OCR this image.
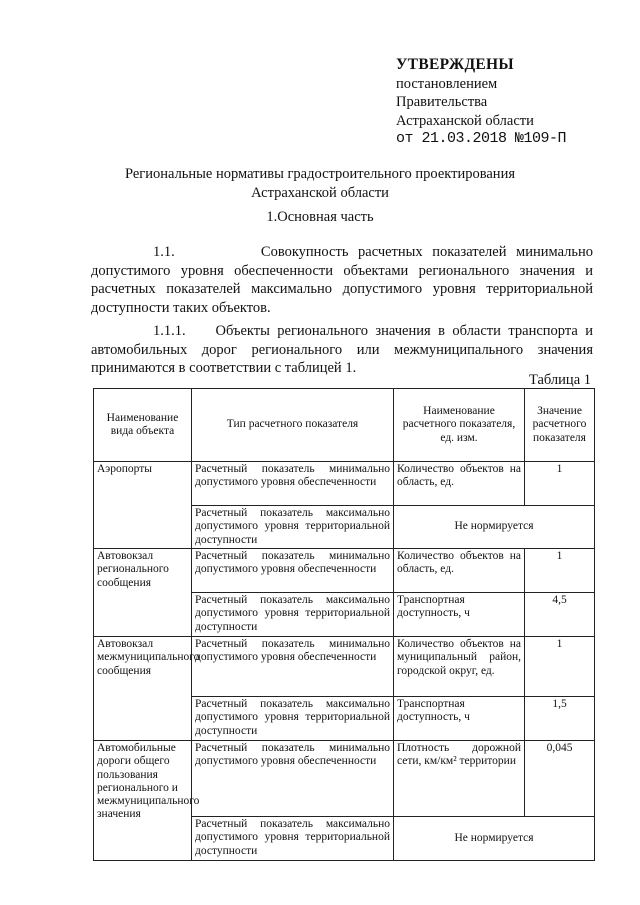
УТВЕРЖДЕНЫ
постановлением
Правительства
Астраханской области
от 21.03.2018 №109-П
Региональные нормативы градостроительного проектирования
Астраханской области
1.Основная часть
1.1.	Совокупность расчетных показателей минимально допустимого уровня обеспеченности объектами регионального значения и расчетных показателей максимально допустимого уровня территориальной доступности таких объектов.
1.1.1. Объекты регионального значения в области транспорта и автомобильных дорог регионального или межмуниципального значения принимаются в соответствии с таблицей 1.
Таблица 1
Наименование вида объекта	Тип расчетного показателя	Наименование расчетного показателя, ед. изм.	Значение расчетного показателя
Аэропорты	Расчетный показатель минимально допустимого уровня обеспеченности	Количество объектов на область, ед.	1
	Расчетный показатель максимально допустимого уровня территориальной доступности	Не нормируется	
Автовокзал регионального сообщения	Расчетный показатель минимально допустимого уровня обеспеченности	Количество объектов на область, ед.	1
	Расчетный показатель максимально допустимого уровня территориальной доступности	Транспортная доступность, ч	4,5
Автовокзал межмуниципального сообщения	Расчетный показатель минимально допустимого уровня обеспеченности	Количество объектов на муниципальный район, городской округ, ед.	1
	Расчетный показатель максимально допустимого уровня территориальной доступности	Транспортная доступность, ч	1,5
Автомобильные дороги общего пользования регионального и межмуниципального значения	Расчетный показатель минимально допустимого уровня обеспеченности	Плотность дорожной сети, км/км² территории	0,045
	Расчетный показатель максимально допустимого уровня территориальной доступности	Не нормируется	
